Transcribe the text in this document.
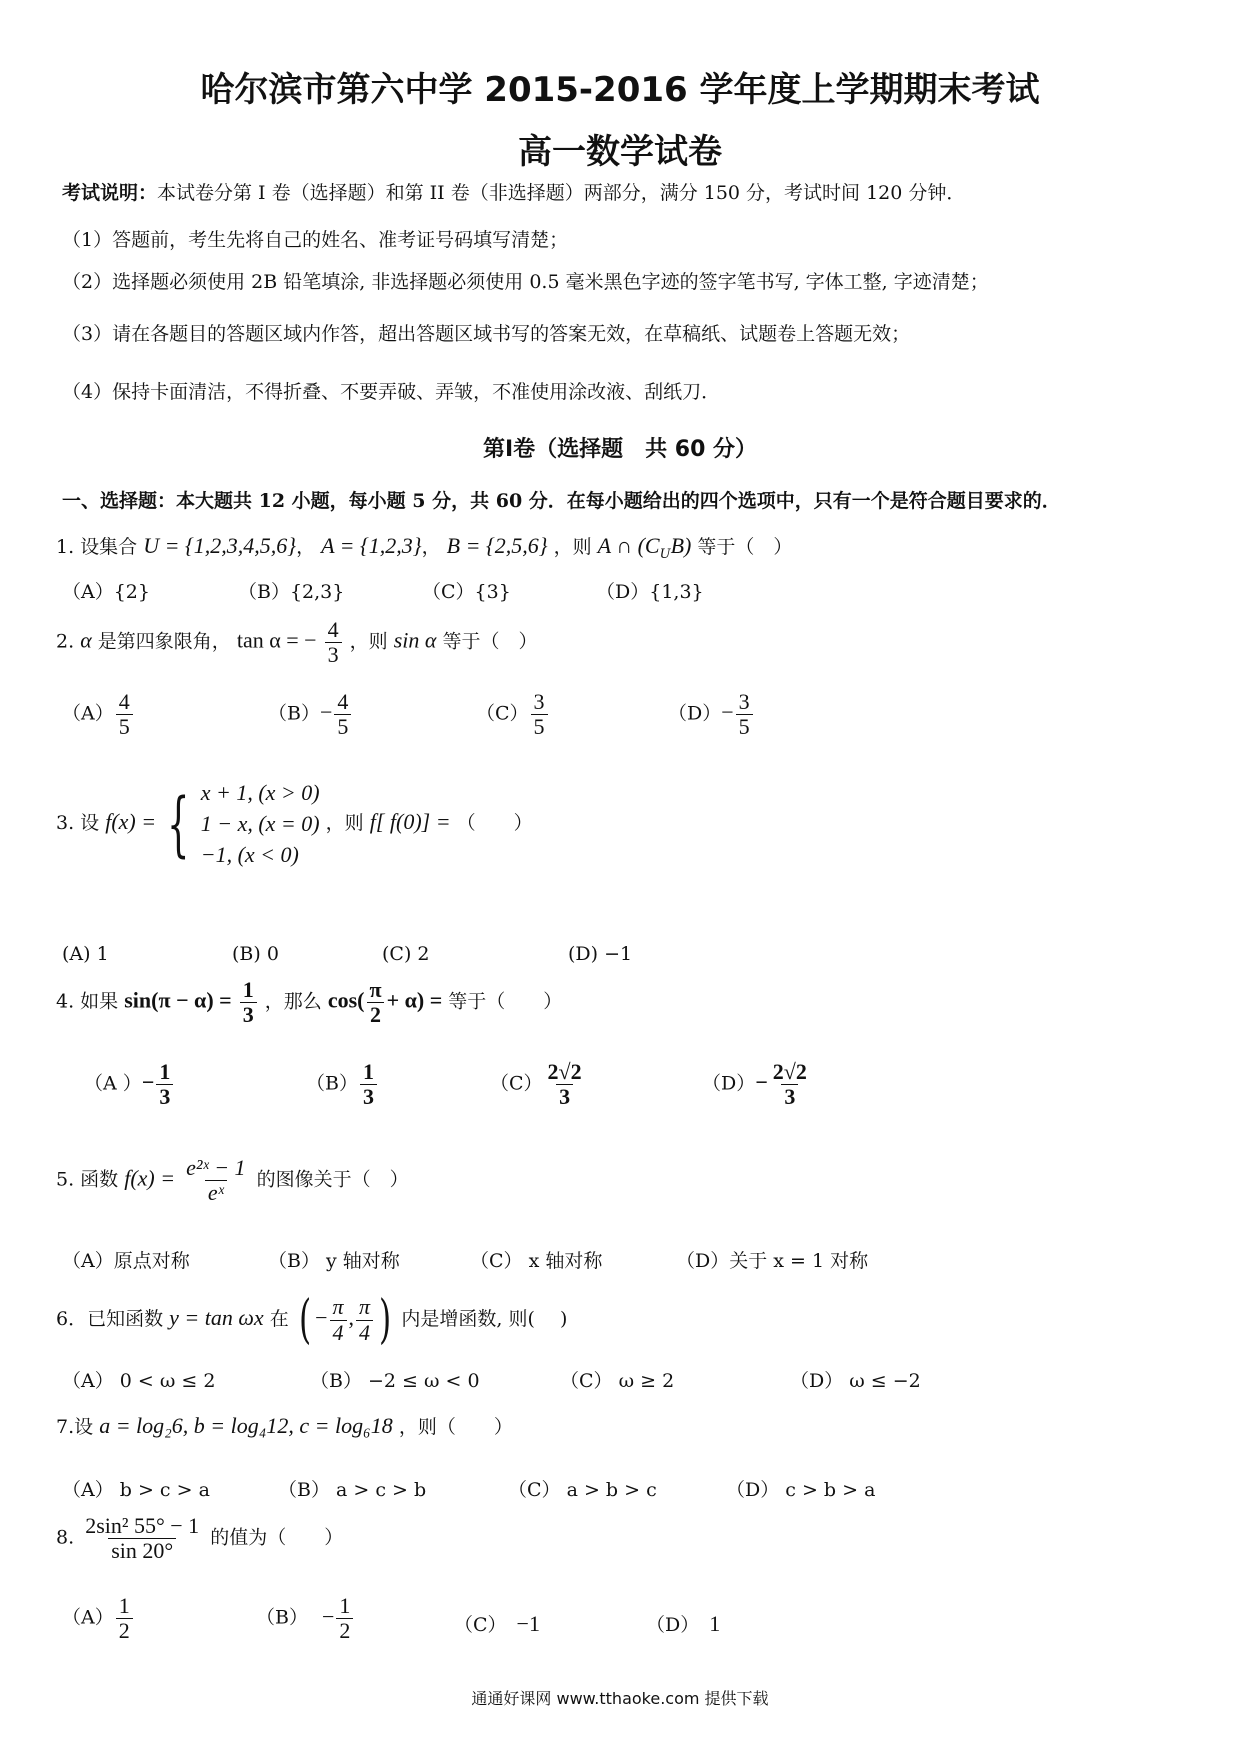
哈尔滨市第六中学 2015-2016 学年度上学期期末考试
高一数学试卷
考试说明：本试卷分第 I 卷（选择题）和第 II 卷（非选择题）两部分，满分 150 分，考试时间 120 分钟．
（1）答题前，考生先将自己的姓名、准考证号码填写清楚；
（2）选择题必须使用 2B 铅笔填涂, 非选择题必须使用 0.5 毫米黑色字迹的签字笔书写, 字体工整, 字迹清楚；
（3）请在各题目的答题区域内作答，超出答题区域书写的答案无效，在草稿纸、试题卷上答题无效；
（4）保持卡面清洁，不得折叠、不要弄破、弄皱，不准使用涂改液、刮纸刀．
第I卷（选择题　共 60 分）
一、选择题：本大题共 12 小题，每小题 5 分，共 60 分．在每小题给出的四个选项中，只有一个是符合题目要求的．
1. 设集合 U = {1,2,3,4,5,6}， A = {1,2,3}， B = {2,5,6} ，则 A ∩ $(C_UB)$ 等于（　）
（A）{2}	（B）{2,3}	（C）{3}	（D）{1,3}
2. α 是第四象限角， tan α = − $\frac{4}{3}$ ，则 sin α 等于（　）
$(A) \frac{4}{5}$	$(B)- \frac{4}{5}$	$(C) \frac{3}{5}$	$(D)- \frac{3}{5}$
3. 设 f(x) = { x + 1, (x > 0)
1 − x, (x = 0)
−1, (x < 0)
，则 f[ f(0)] = （　　）
(A) 1	(B) 0	(C) 2	(D) −1
4. 如果 $\sin(\pi - \alpha) = \frac{1}{3}$ ，那么 $\cos( \frac{\pi}{2} + \alpha)$ = 等于（　　）
（A ）− $\frac{1}{3}$	$(B) \frac{1}{3}$	$(C) \frac{2√2}{3}$	$(D)- \frac{2√2}{3}$
5. 函数 $f(x) = \frac{\text{e²ˣ − 1}}{\text{eˣ}}$ 的图像关于（　）
（A）原点对称	（B） y 轴对称	（C） x 轴对称	（D）关于 x = 1 对称
6．已知函数 y = tan ωx 在 ( − $\frac{\pi}{4}$ , $\frac{\pi}{4}$ ) 内是增函数, 则(　 )
（A） 0 < ω ≤ 2	（B） −2 ≤ ω < 0	（C） ω ≥ 2	（D） ω ≤ −2
7.设 a = log₂6, b = log₄12, c = log₆18 ，则（　　）
（A） b > c > a	（B） a > c > b	（C） a > b > c	（D） c > b > a
8. $\frac{\text{2sin² 55° − 1}}{\sin 20^\circ}$ 的值为（　　）
$(A) \frac{1}{2}$	$(B) - \frac{1}{2}$	（C） −1	（D） 1
通通好课网 www.tthaoke.com 提供下载
